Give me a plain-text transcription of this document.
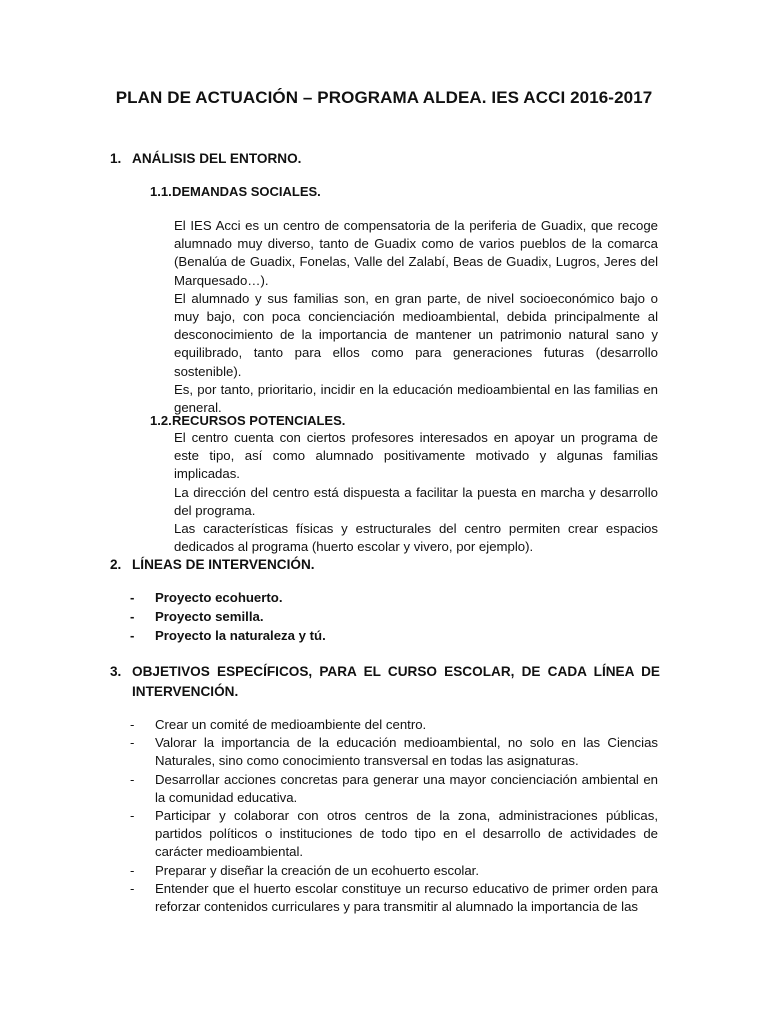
PLAN DE ACTUACIÓN – PROGRAMA ALDEA. IES ACCI 2016-2017
1. ANÁLISIS DEL ENTORNO.
1.1.DEMANDAS SOCIALES.

El IES Acci es un centro de compensatoria de la periferia de Guadix, que recoge alumnado muy diverso, tanto de Guadix como de varios pueblos de la comarca (Benalúa de Guadix, Fonelas, Valle del Zalabí, Beas de Guadix, Lugros, Jeres del Marquesado…).

El alumnado y sus familias son, en gran parte, de nivel socioeconómico bajo o muy bajo, con poca concienciación medioambiental, debida principalmente al desconocimiento de la importancia de mantener un patrimonio natural sano y equilibrado, tanto para ellos como para generaciones futuras (desarrollo sostenible).

Es, por tanto, prioritario, incidir en la educación medioambiental en las familias en general.

1.2.RECURSOS POTENCIALES.

El centro cuenta con ciertos profesores interesados en apoyar un programa de este tipo, así como alumnado positivamente motivado y algunas familias implicadas.

La dirección del centro está dispuesta a facilitar la puesta en marcha y desarrollo del programa.

Las características físicas y estructurales del centro permiten crear espacios dedicados al programa (huerto escolar y vivero, por ejemplo).

2. LÍNEAS DE INTERVENCIÓN.
- Proyecto ecohuerto.
- Proyecto semilla.
- Proyecto la naturaleza y tú.
3. OBJETIVOS ESPECÍFICOS, PARA EL CURSO ESCOLAR, DE CADA LÍNEA DE INTERVENCIÓN.
- Crear un comité de medioambiente del centro.
- Valorar la importancia de la educación medioambiental, no solo en las Ciencias Naturales, sino como conocimiento transversal en todas las asignaturas.
- Desarrollar acciones concretas para generar una mayor concienciación ambiental en la comunidad educativa.
- Participar y colaborar con otros centros de la zona, administraciones públicas, partidos políticos o instituciones de todo tipo en el desarrollo de actividades de carácter medioambiental.
- Preparar y diseñar la creación de un ecohuerto escolar.
- Entender que el huerto escolar constituye un recurso educativo de primer orden para reforzar contenidos curriculares y para transmitir al alumnado la importancia de las
